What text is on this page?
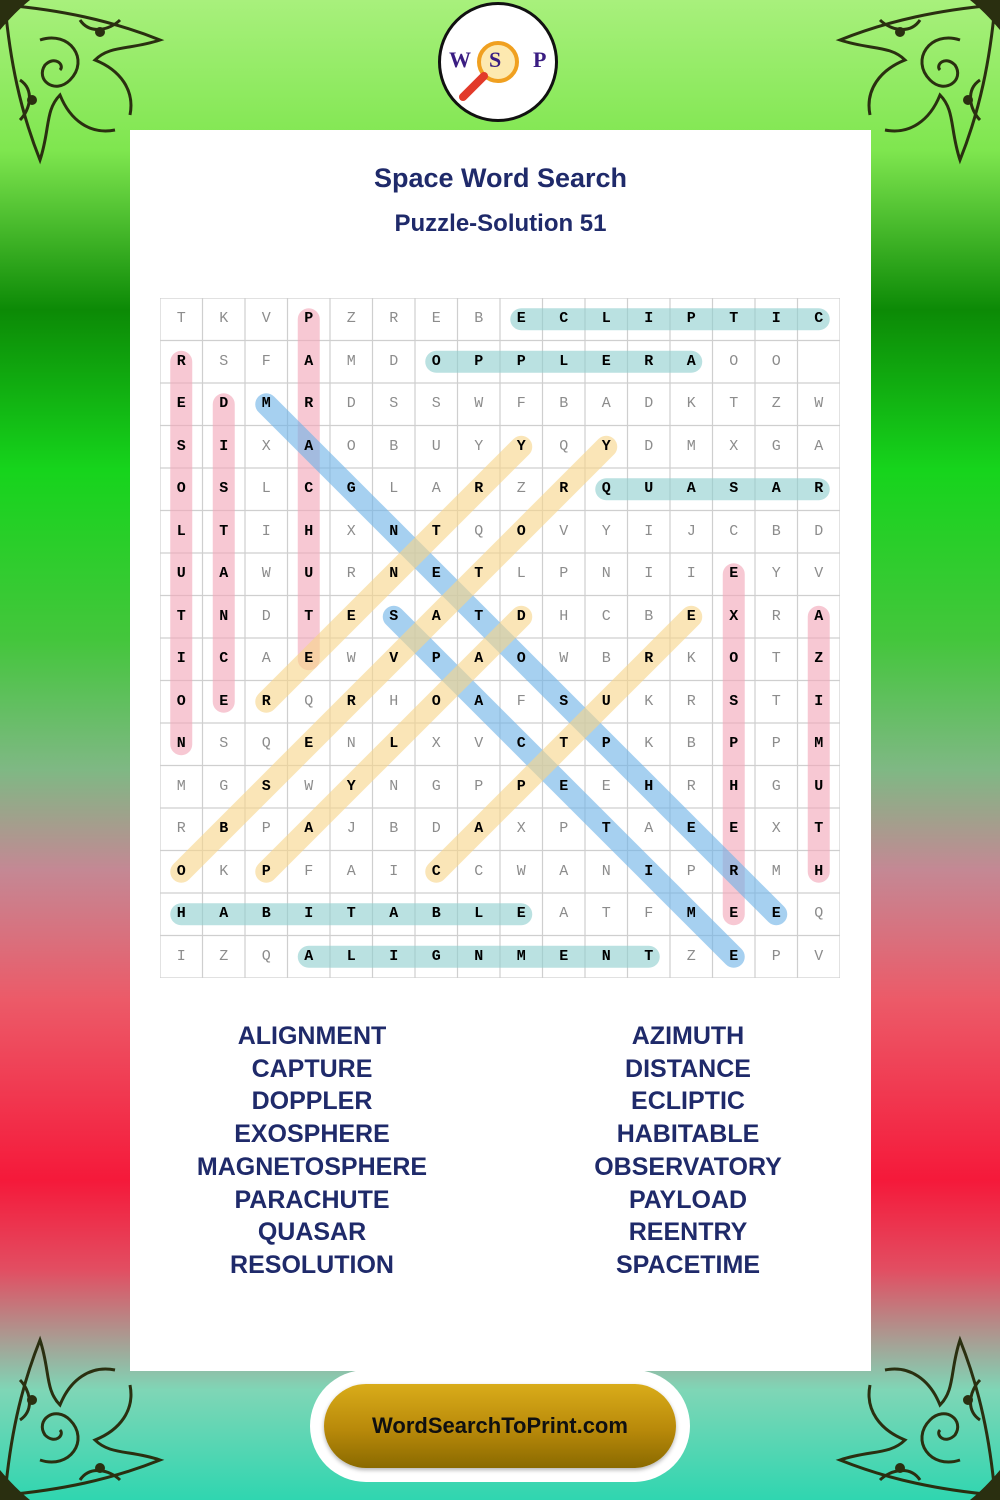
W S P
Space Word Search
Puzzle-Solution 51
T	K	V	P	Z	R	E	B	E	C	L	I	P	T	I	C
R	S	F	A	M	D	O	P	P	L	E	R	A	O	O
E	D	M	R	D	S	S	W	F	B	A	D	K	T	Z	W
S	I	X	A	O	B	U	Y	Y	Q	Y	D	M	X	G	A
O	S	L	C	G	L	A	R	Z	R	Q	U	A	S	A	R
L	T	I	H	X	N	T	Q	O	V	Y	I	J	C	B	D
U	A	W	U	R	N	E	T	L	P	N	I	I	E	Y	V
T	N	D	T	E	S	A	T	D	H	C	B	E	X	R	A
I	C	A	E	W	V	P	A	O	W	B	R	K	O	T	Z
O	E	R	Q	R	H	O	A	F	S	U	K	R	S	T	I
N	S	Q	E	N	L	X	V	C	T	P	K	B	P	P	M
M	G	S	W	Y	N	G	P	P	E	E	H	R	H	G	U
R	B	P	A	J	B	D	A	X	P	T	A	E	E	X	T
O	K	P	F	A	I	C	C	W	A	N	I	P	R	M	H
H	A	B	I	T	A	B	L	E	A	T	F	M	E	E	Q
I	Z	Q	A	L	I	G	N	M	E	N	T	Z	E	P	V
ALIGNMENT
CAPTURE
DOPPLER
EXOSPHERE
MAGNETOSPHERE
PARACHUTE
QUASAR
RESOLUTION
AZIMUTH
DISTANCE
ECLIPTIC
HABITABLE
OBSERVATORY
PAYLOAD
REENTRY
SPACETIME
WordSearchToPrint.com
